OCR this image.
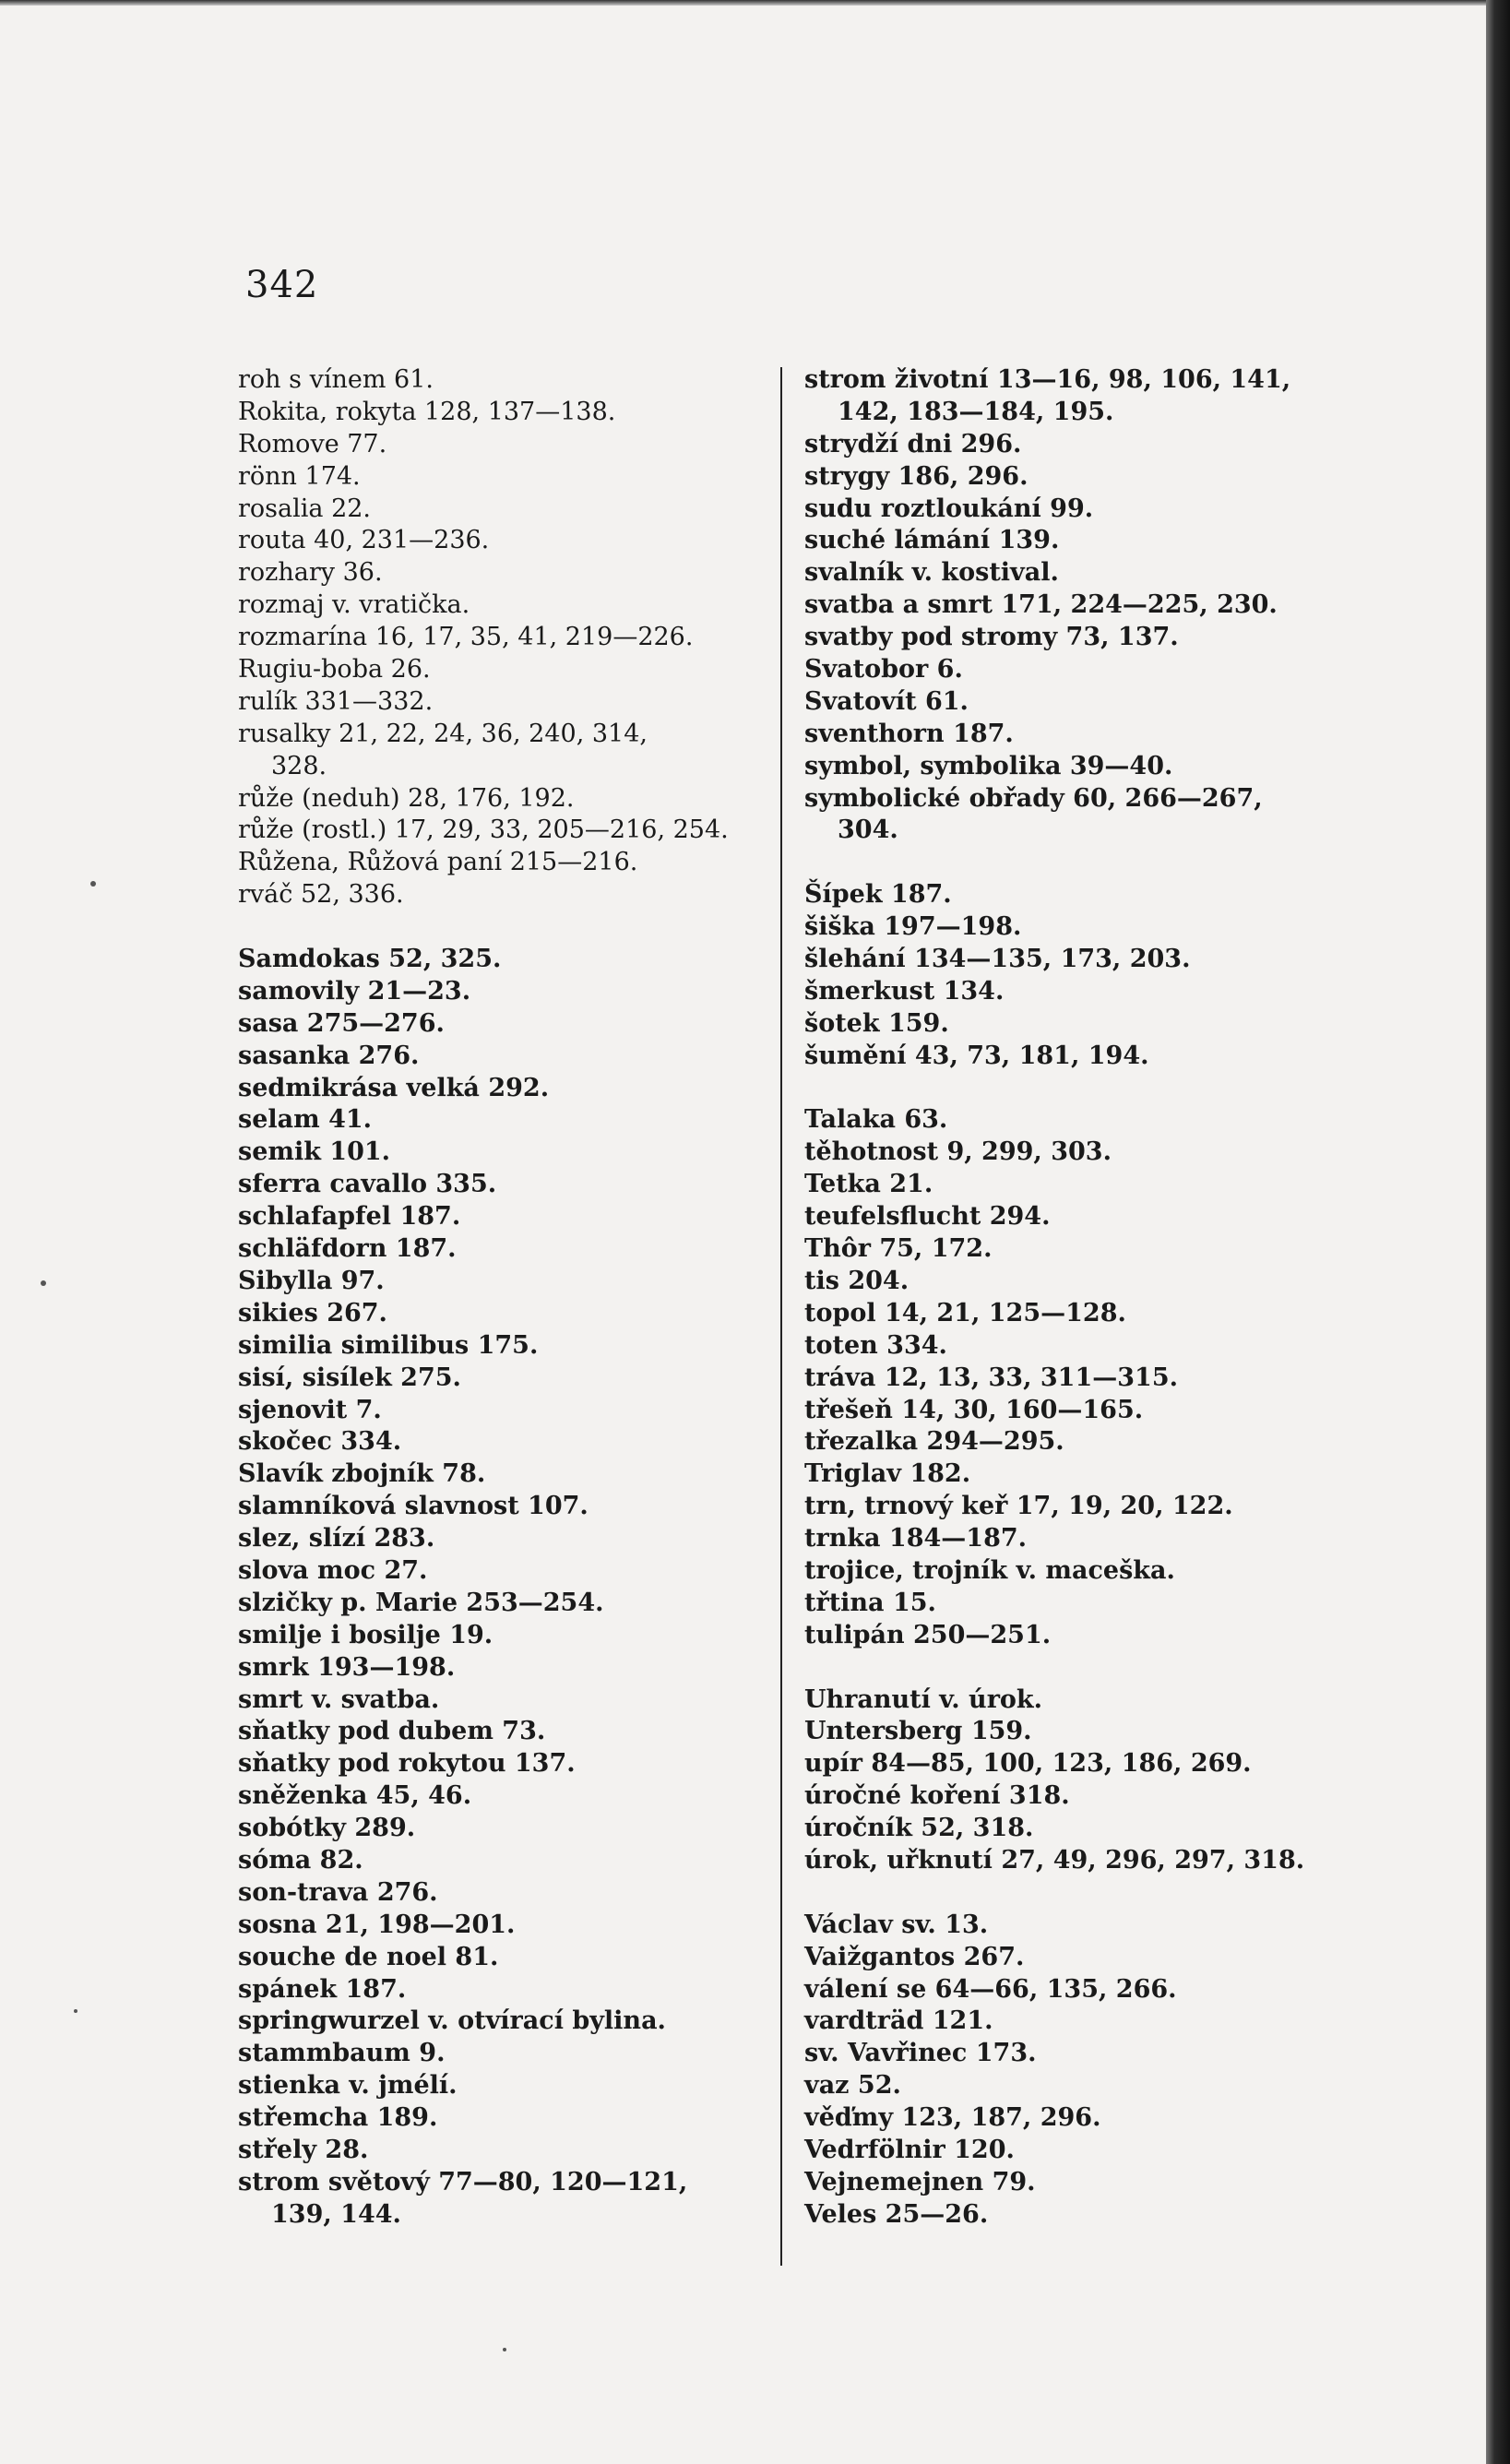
342
roh s vínem 61.
Rokita, rokyta 128, 137—138.
Romove 77.
rönn 174.
rosalia 22.
routa 40, 231—236.
rozhary 36.
rozmaj v. vratička.
rozmarína 16, 17, 35, 41, 219—226.
Rugiu-boba 26.
rulík 331—332.
rusalky 21, 22, 24, 36, 240, 314,
328.
růže (neduh) 28, 176, 192.
růže (rostl.) 17, 29, 33, 205—216, 254.
Růžena, Růžová paní 215—216.
rváč 52, 336.
Samdokas 52, 325.
samovily 21—23.
sasa 275—276.
sasanka 276.
sedmikrása velká 292.
selam 41.
semik 101.
sferra cavallo 335.
schlafapfel 187.
schläfdorn 187.
Sibylla 97.
sikies 267.
similia similibus 175.
sisí, sisílek 275.
sjenovit 7.
skočec 334.
Slavík zbojník 78.
slamníková slavnost 107.
slez, slízí 283.
slova moc 27.
slzičky p. Marie 253—254.
smilje i bosilje 19.
smrk 193—198.
smrt v. svatba.
sňatky pod dubem 73.
sňatky pod rokytou 137.
sněženka 45, 46.
sobótky 289.
sóma 82.
son-trava 276.
sosna 21, 198—201.
souche de noel 81.
spánek 187.
springwurzel v. otvírací bylina.
stammbaum 9.
stienka v. jmélí.
střemcha 189.
střely 28.
strom světový 77—80, 120—121,
139, 144.
strom životní 13—16, 98, 106, 141,
142, 183—184, 195.
strydží dni 296.
strygy 186, 296.
sudu roztloukání 99.
suché lámání 139.
svalník v. kostival.
svatba a smrt 171, 224—225, 230.
svatby pod stromy 73, 137.
Svatobor 6.
Svatovít 61.
sventhorn 187.
symbol, symbolika 39—40.
symbolické obřady 60, 266—267,
304.
Šípek 187.
šiška 197—198.
šlehání 134—135, 173, 203.
šmerkust 134.
šotek 159.
šumění 43, 73, 181, 194.
Talaka 63.
těhotnost 9, 299, 303.
Tetka 21.
teufelsflucht 294.
Thôr 75, 172.
tis 204.
topol 14, 21, 125—128.
toten 334.
tráva 12, 13, 33, 311—315.
třešeň 14, 30, 160—165.
třezalka 294—295.
Triglav 182.
trn, trnový keř 17, 19, 20, 122.
trnka 184—187.
trojice, trojník v. maceška.
třtina 15.
tulipán 250—251.
Uhranutí v. úrok.
Untersberg 159.
upír 84—85, 100, 123, 186, 269.
úročné koření 318.
úročník 52, 318.
úrok, uřknutí 27, 49, 296, 297, 318.
Václav sv. 13.
Vaižgantos 267.
válení se 64—66, 135, 266.
vardträd 121.
sv. Vavřinec 173.
vaz 52.
věďmy 123, 187, 296.
Vedrfölnir 120.
Vejnemejnen 79.
Veles 25—26.
